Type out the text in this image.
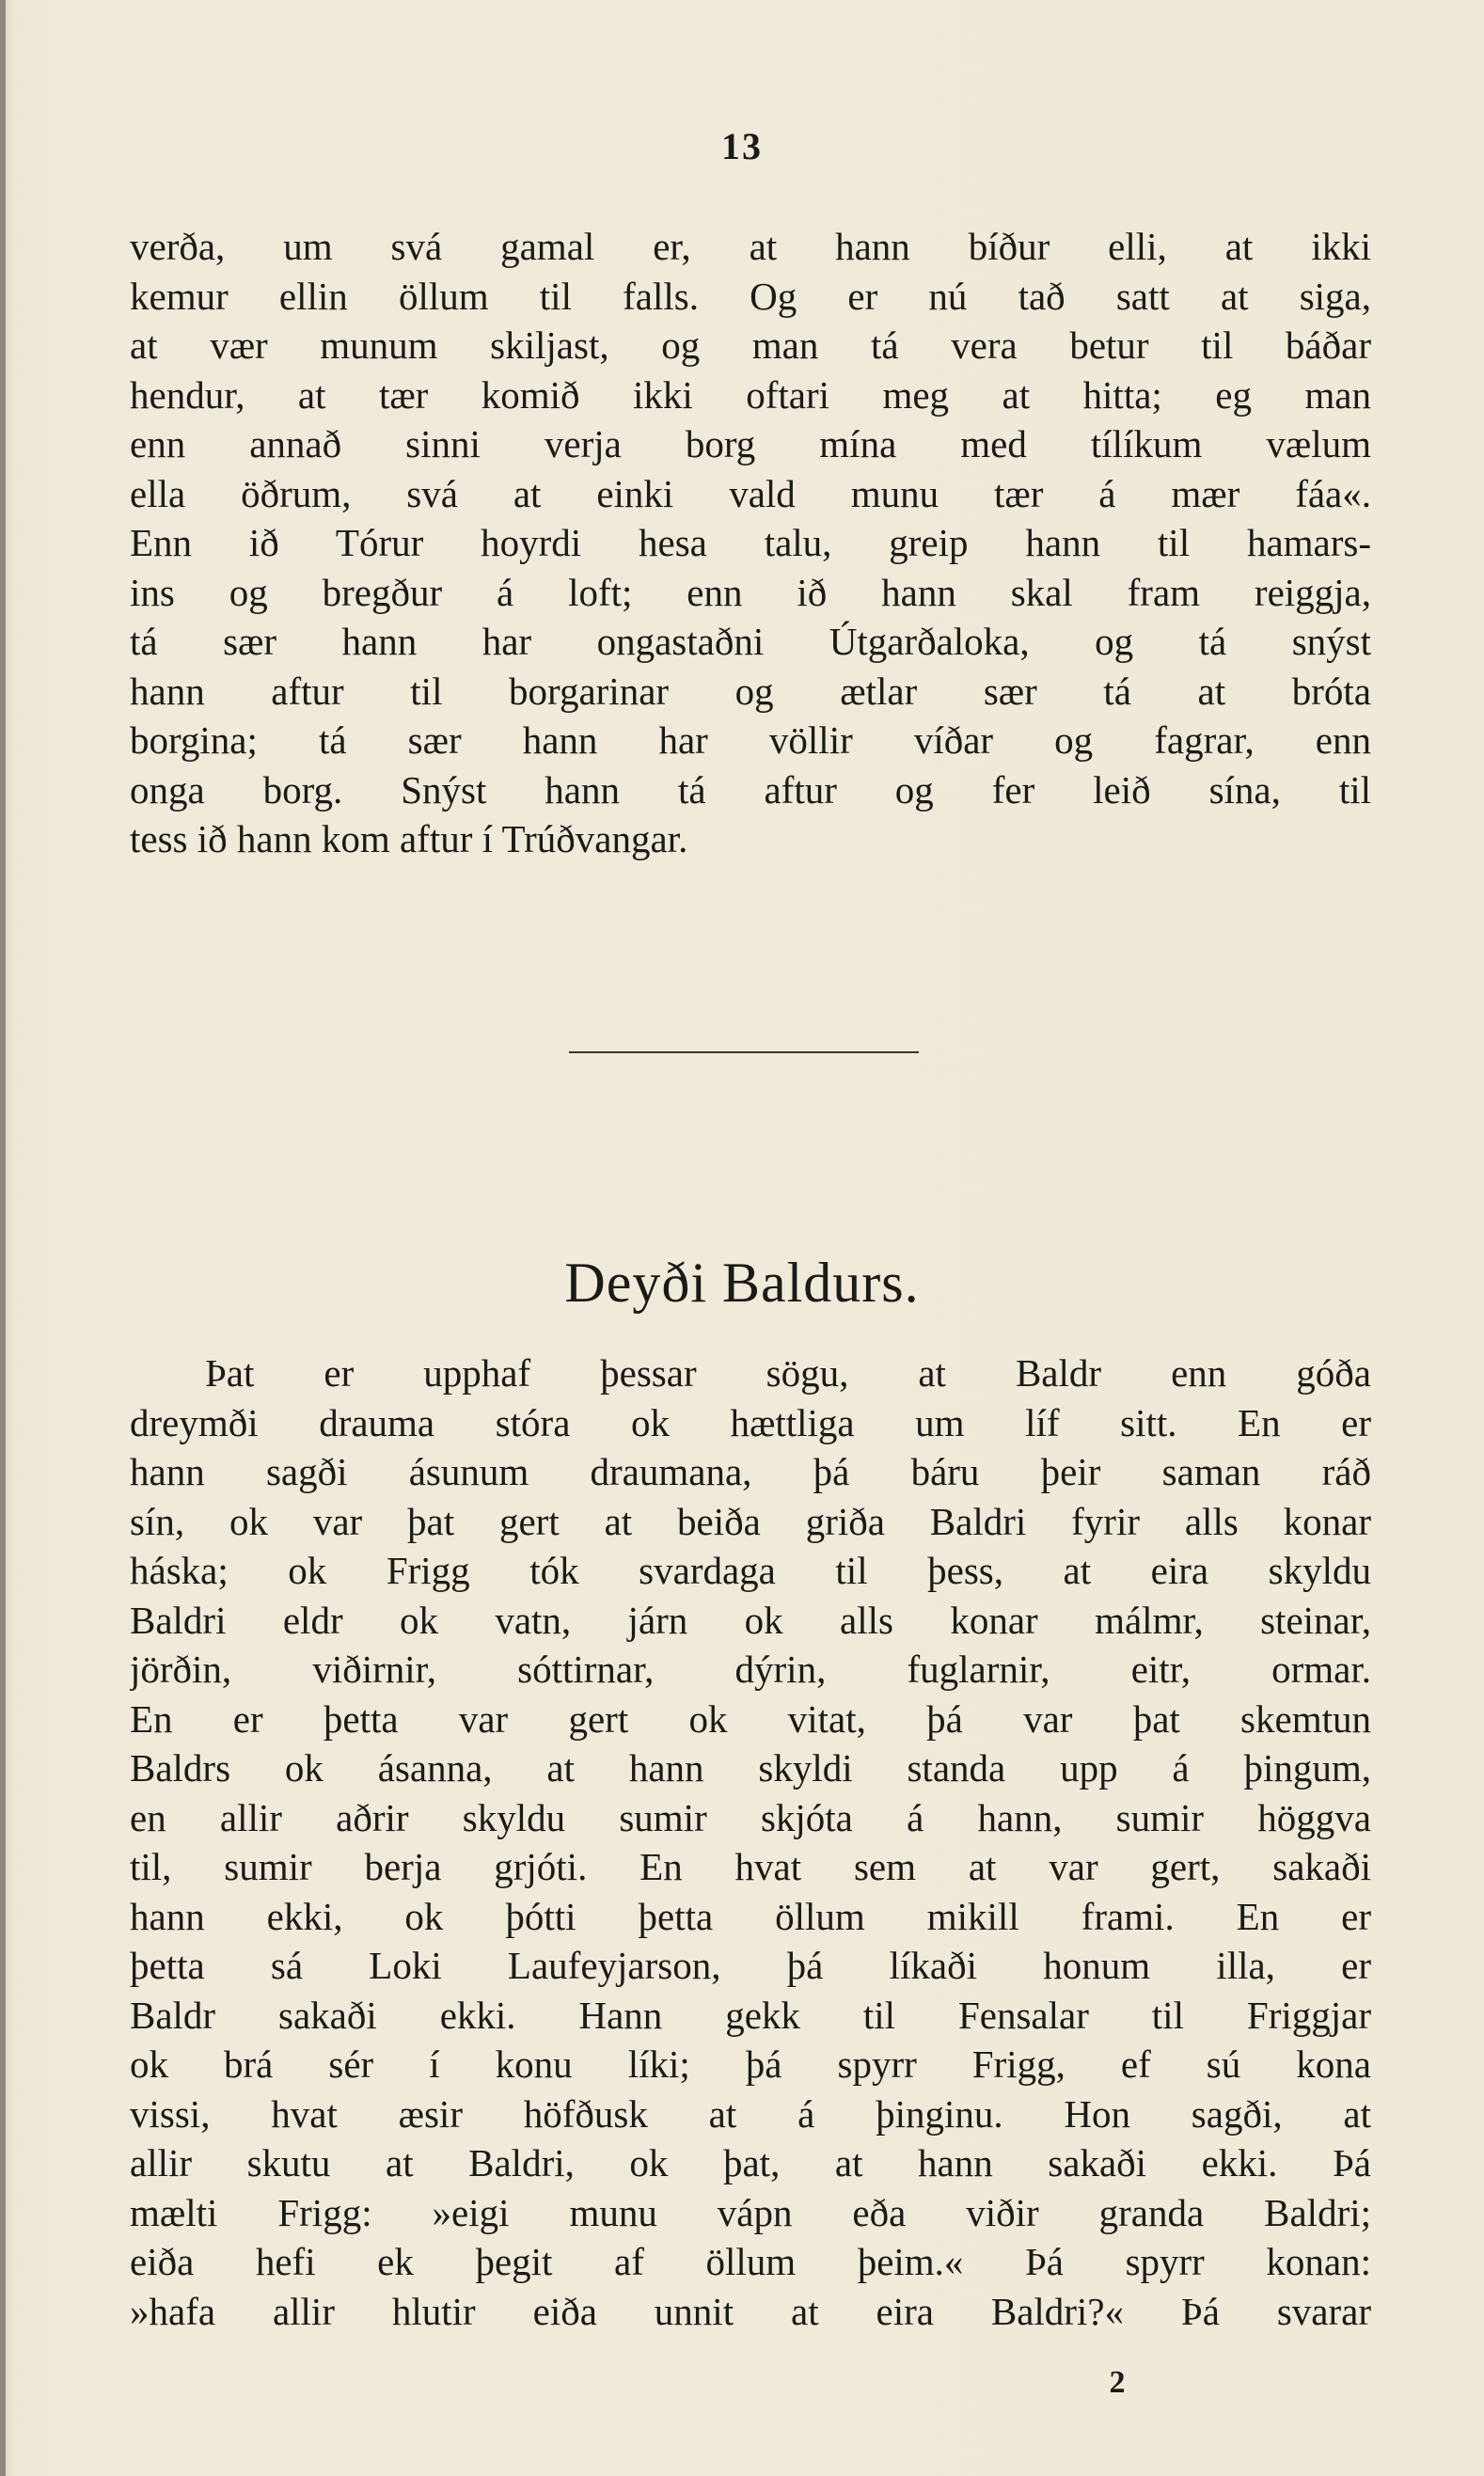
13
verða, um svá gamal er, at hann bíður elli, at ikki
kemur ellin öllum til falls. Og er nú tað satt at siga,
at vær munum skiljast, og man tá vera betur til báðar
hendur, at tær komið ikki oftari meg at hitta; eg man
enn annað sinni verja borg mína med tílíkum vælum
ella öðrum, svá at einki vald munu tær á mær fáa«.
Enn ið Tórur hoyrdi hesa talu, greip hann til hamars-
ins og bregður á loft; enn ið hann skal fram reiggja,
tá sær hann har ongastaðni Útgarðaloka, og tá snýst
hann aftur til borgarinar og ætlar sær tá at bróta
borgina; tá sær hann har völlir víðar og fagrar, enn
onga borg. Snýst hann tá aftur og fer leið sína, til
tess ið hann kom aftur í Trúðvangar.
Deyði Baldurs.
Þat er upphaf þessar sögu, at Baldr enn góða
dreymði drauma stóra ok hættliga um líf sitt. En er
hann sagði ásunum draumana, þá báru þeir saman ráð
sín, ok var þat gert at beiða griða Baldri fyrir alls konar
háska; ok Frigg tók svardaga til þess, at eira skyldu
Baldri eldr ok vatn, járn ok alls konar málmr, steinar,
jörðin, viðirnir, sóttirnar, dýrin, fuglarnir, eitr, ormar.
En er þetta var gert ok vitat, þá var þat skemtun
Baldrs ok ásanna, at hann skyldi standa upp á þingum,
en allir aðrir skyldu sumir skjóta á hann, sumir höggva
til, sumir berja grjóti. En hvat sem at var gert, sakaði
hann ekki, ok þótti þetta öllum mikill frami. En er
þetta sá Loki Laufeyjarson, þá líkaði honum illa, er
Baldr sakaði ekki. Hann gekk til Fensalar til Friggjar
ok brá sér í konu líki; þá spyrr Frigg, ef sú kona
vissi, hvat æsir höfðusk at á þinginu. Hon sagði, at
allir skutu at Baldri, ok þat, at hann sakaði ekki. Þá
mælti Frigg: »eigi munu vápn eða viðir granda Baldri;
eiða hefi ek þegit af öllum þeim.« Þá spyrr konan:
»hafa allir hlutir eiða unnit at eira Baldri?« Þá svarar
2
